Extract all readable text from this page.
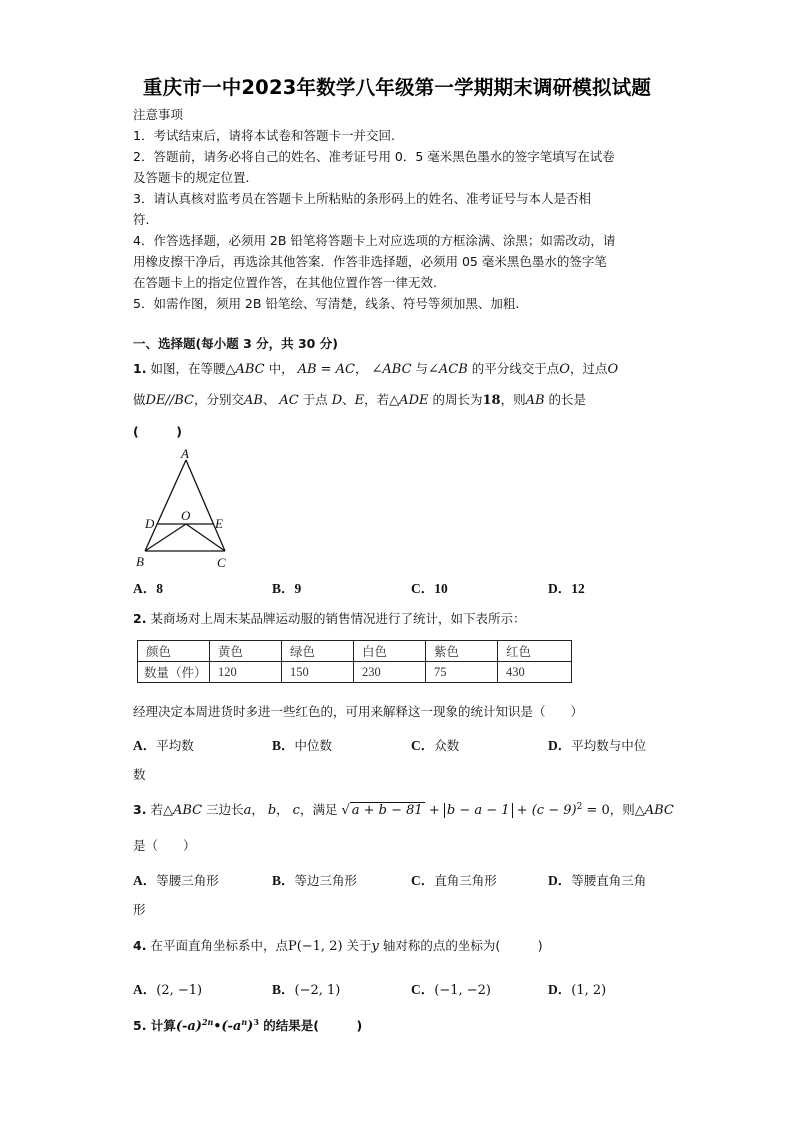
重庆市一中2023年数学八年级第一学期期末调研模拟试题
注意事项
1．考试结束后，请将本试卷和答题卡一并交回.
2．答题前，请务必将自己的姓名、准考证号用 0．5 毫米黑色墨水的签字笔填写在试卷
及答题卡的规定位置.
3．请认真核对监考员在答题卡上所粘贴的条形码上的姓名、准考证号与本人是否相
符.
4．作答选择题，必须用 2B 铅笔将答题卡上对应选项的方框涂满、涂黑；如需改动，请
用橡皮擦干净后，再选涂其他答案．作答非选择题，必须用 05 毫米黑色墨水的签字笔
在答题卡上的指定位置作答，在其他位置作答一律无效.
5．如需作图，须用 2B 铅笔绘、写清楚，线条、符号等须加黑、加粗.
一、选择题(每小题 3 分，共 30 分)
1. 如图，在等腰△ABC 中， AB = AC， ∠ABC 与∠ACB 的平分线交于点O，过点O
做DE//BC，分别交AB、 AC 于点 D、E，若△ADE 的周长为18，则AB 的长是
(　　　)
A
B	C
D	E
O
A．8	B．9	C．10	D．12
2. 某商场对上周末某品牌运动服的销售情况进行了统计，如下表所示：
颜色	黄色	绿色	白色	紫色	红色
数量（件）	120	150	230	75	430
经理决定本周进货时多进一些红色的，可用来解释这一现象的统计知识是（　　）
A．平均数	B．中位数	C．众数	D．平均数与中位
数
3. 若△ABC 三边长a， b， c，满足 √ $a + b - 81 + b - a - 1 + (c - 9)^2 = 0$，则△ABC
是（　　）
A．等腰三角形	B．等边三角形	C．直角三角形	D．等腰直角三角
形
4. 在平面直角坐标系中，点P(−1, 2) 关于y 轴对称的点的坐标为(　　　)
A．(2, −1)	B．(−2, 1)	C．(−1, −2)	D．(1, 2)
5. 计算$(-a)^{2n}•(-a^n)^3$ 的结果是(　　　)
